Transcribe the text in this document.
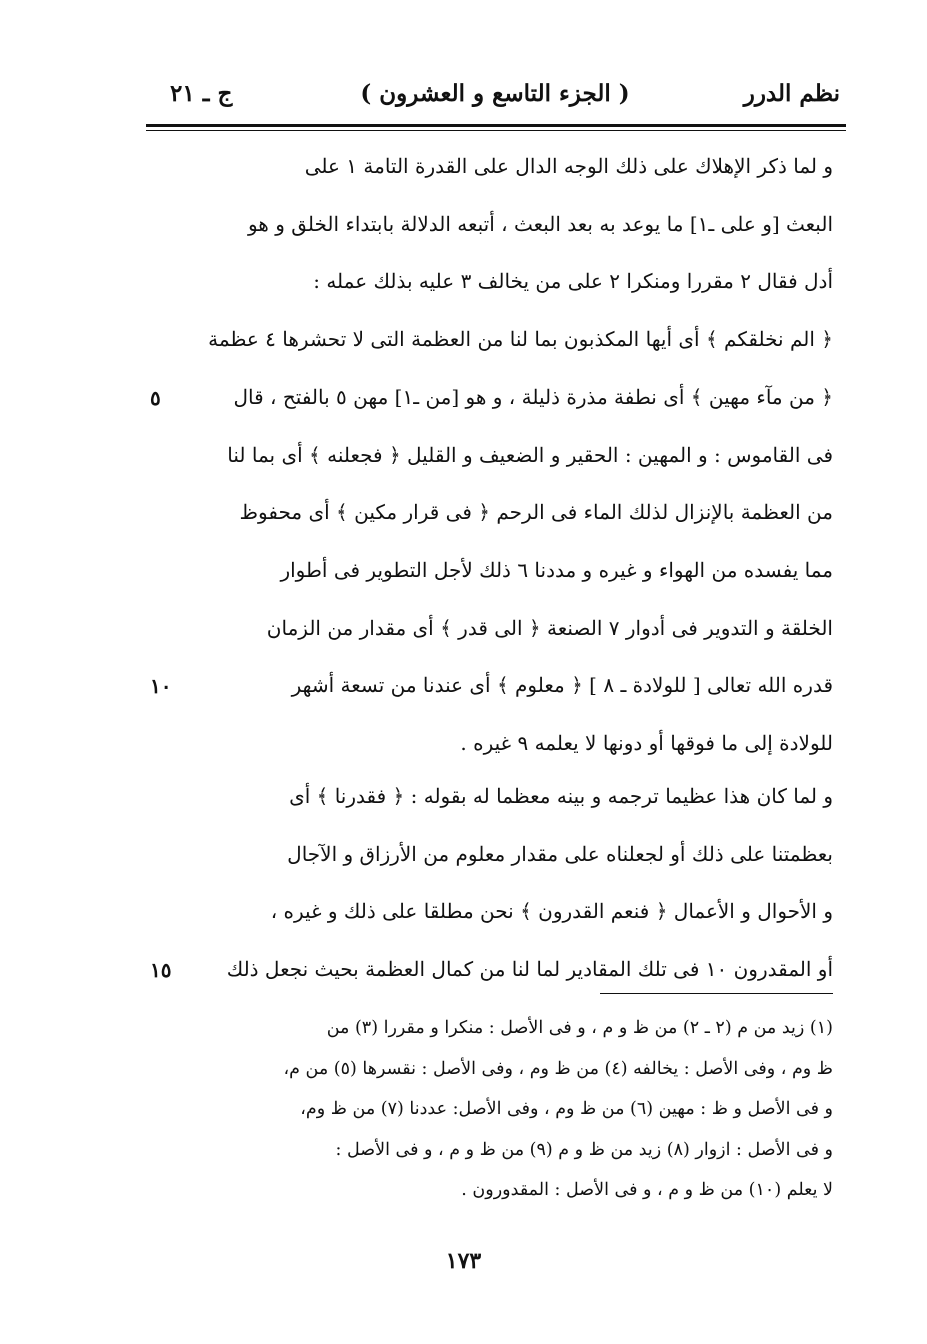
نظم الدرر
( الجزء التاسع و العشرون )
ج ـ ٢١

و لما ذكر الإهلاك على ذلك الوجه الدال على القدرة التامة ١ على
البعث [و على ـ١] ما يوعد به بعد البعث ، أتبعه الدلالة بابتداء الخلق و هو
أدل فقال ٢ مقررا ومنكرا ٢ على من يخالف ٣ عليه بذلك عمله :
﴿ الم نخلقكم ﴾ أى أيها المكذبون بما لنا من العظمة التى لا تحشرها ٤ عظمة
﴿ من مآء مهين ﴾ أى نطفة مذرة ذليلة ، و هو [من ـ١] مهن ٥ بالفتح ، قال
فى القاموس : و المهين : الحقير و الضعيف و القليل ﴿ فجعلنه ﴾ أى بما لنا
من العظمة بالإنزال لذلك الماء فى الرحم ﴿ فى قرار مكين ﴾ أى محفوظ
مما يفسده من الهواء و غيره و مددنا ٦ ذلك لأجل التطوير فى أطوار
الخلقة و التدوير فى أدوار ٧ الصنعة ﴿ الى قدر ﴾ أى مقدار من الزمان
قدره الله تعالى [ للولادة ـ ٨ ] ﴿ معلوم ﴾ أى عندنا من تسعة أشهر
للولادة إلى ما فوقها أو دونها لا يعلمه ٩ غيره .
٥
١٠

و لما كان هذا عظيما ترجمه و بينه معظما له بقوله : ﴿ فقدرنا ﴾ أى
بعظمتنا على ذلك أو لجعلناه على مقدار معلوم من الأرزاق و الآجال
و الأحوال و الأعمال ﴿ فنعم القدرون ﴾ نحن مطلقا على ذلك و غيره ،
أو المقدرون ١٠ فى تلك المقادير لما لنا من كمال العظمة بحيث نجعل ذلك
١٥

(١) زيد من م (٢ ـ ٢) من ظ و م ، و فى الأصل : منكرا و مقررا (٣) من
ظ وم ، وفى الأصل : يخالفه (٤) من ظ وم ، وفى الأصل : نقسرها (٥) من م،
و فى الأصل و ظ : مهين (٦) من ظ وم ، وفى الأصل: عددنا (٧) من ظ وم،
و فى الأصل : ازوار (٨) زيد من ظ و م (٩) من ظ و م ، و فى الأصل :
لا يعلم (١٠) من ظ و م ، و فى الأصل : المقدورون .
١٧٣
